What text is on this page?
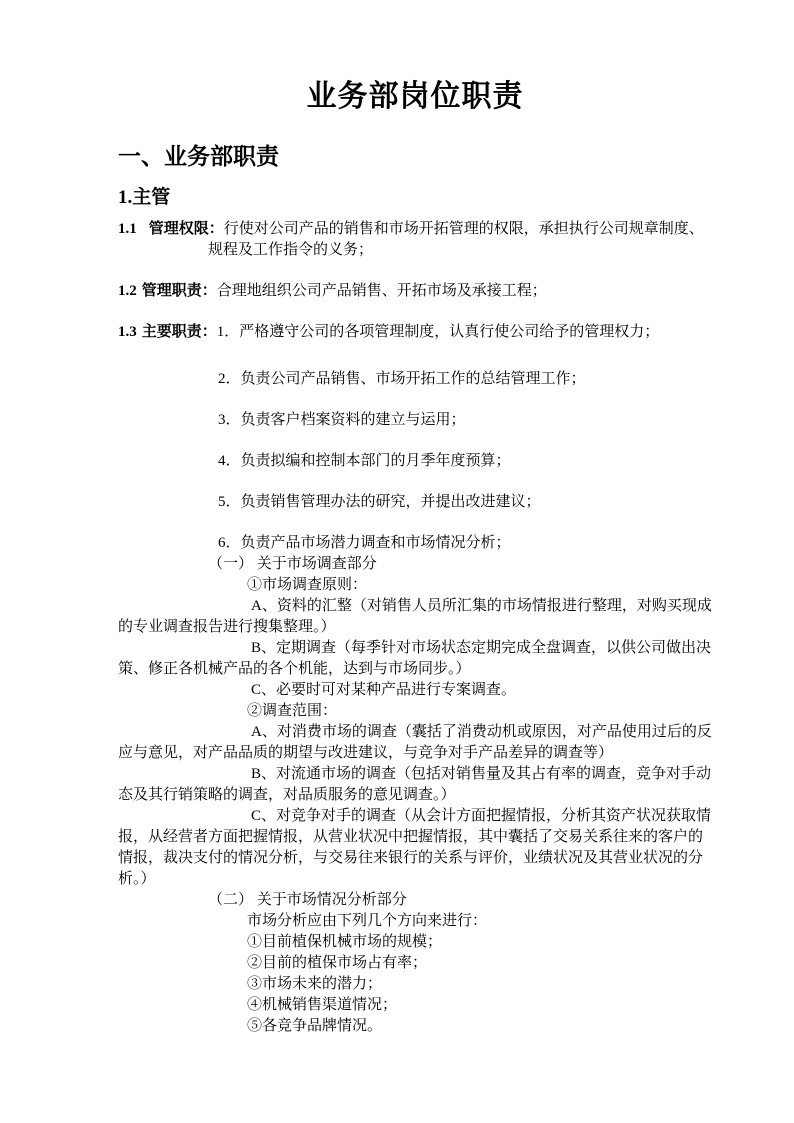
业务部岗位职责

一、业务部职责

1.主管

1.1 管理权限：行使对公司产品的销售和市场开拓管理的权限，承担执行公司规章制度、规程及工作指令的义务；

1.2 管理职责：合理地组织公司产品销售、开拓市场及承接工程；

1.3 主要职责：1．严格遵守公司的各项管理制度，认真行使公司给予的管理权力；

2．负责公司产品销售、市场开拓工作的总结管理工作；

3．负责客户档案资料的建立与运用；

4．负责拟编和控制本部门的月季年度预算；

5．负责销售管理办法的研究，并提出改进建议；

6．负责产品市场潜力调查和市场情况分析；

（一） 关于市场调查部分

①市场调查原则：

A、资料的汇整（对销售人员所汇集的市场情报进行整理，对购买现成的专业调查报告进行搜集整理。）

B、定期调查（每季针对市场状态定期完成全盘调查，以供公司做出决策、修正各机械产品的各个机能，达到与市场同步。）

C、必要时可对某种产品进行专案调查。

②调查范围：

A、对消费市场的调查（囊括了消费动机或原因，对产品使用过后的反应与意见，对产品品质的期望与改进建议，与竞争对手产品差异的调查等）

B、对流通市场的调查（包括对销售量及其占有率的调查，竞争对手动态及其行销策略的调查，对品质服务的意见调查。）

C、对竞争对手的调查（从会计方面把握情报，分析其资产状况获取情报，从经营者方面把握情报，从营业状况中把握情报，其中囊括了交易关系往来的客户的情报，裁决支付的情况分析，与交易往来银行的关系与评价，业绩状况及其营业状况的分析。）

（二） 关于市场情况分析部分

市场分析应由下列几个方向来进行：

①目前植保机械市场的规模；

②目前的植保市场占有率；

③市场未来的潜力；

④机械销售渠道情况；

⑤各竞争品牌情况。
